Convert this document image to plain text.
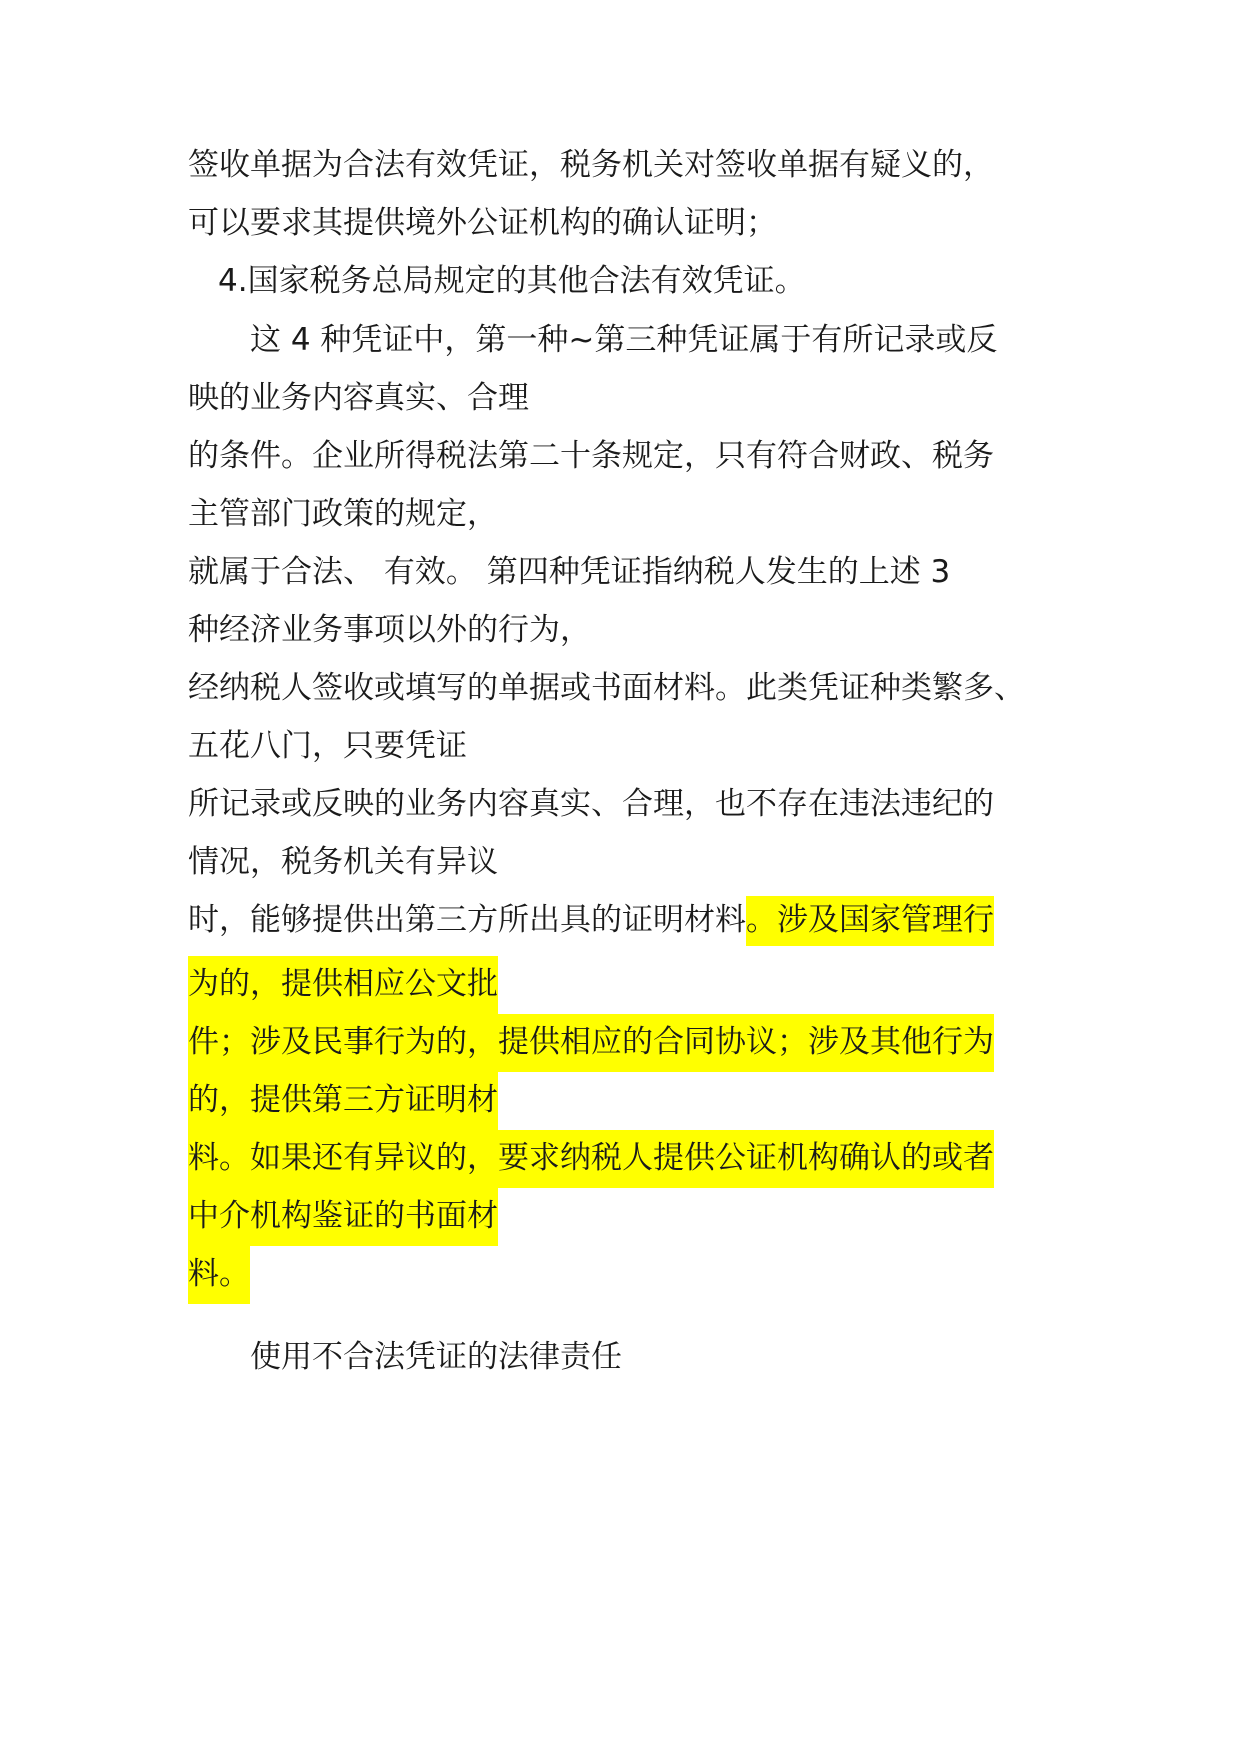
签收单据为合法有效凭证，税务机关对签收单据有疑义的，
可以要求其提供境外公证机构的确认证明；
4.国家税务总局规定的其他合法有效凭证。
这 4 种凭证中，第一种~第三种凭证属于有所记录或反
映的业务内容真实、合理
的条件。企业所得税法第二十条规定，只有符合财政、税务
主管部门政策的规定，
就属于合法、 有效。 第四种凭证指纳税人发生的上述 3
种经济业务事项以外的行为，
经纳税人签收或填写的单据或书面材料。此类凭证种类繁多、
五花八门，只要凭证
所记录或反映的业务内容真实、合理，也不存在违法违纪的
情况，税务机关有异议
时，能够提供出第三方所出具的证明材料。涉及国家管理行
为的，提供相应公文批
件；涉及民事行为的，提供相应的合同协议；涉及其他行为
的，提供第三方证明材
料。如果还有异议的，要求纳税人提供公证机构确认的或者
中介机构鉴证的书面材
料。
使用不合法凭证的法律责任
